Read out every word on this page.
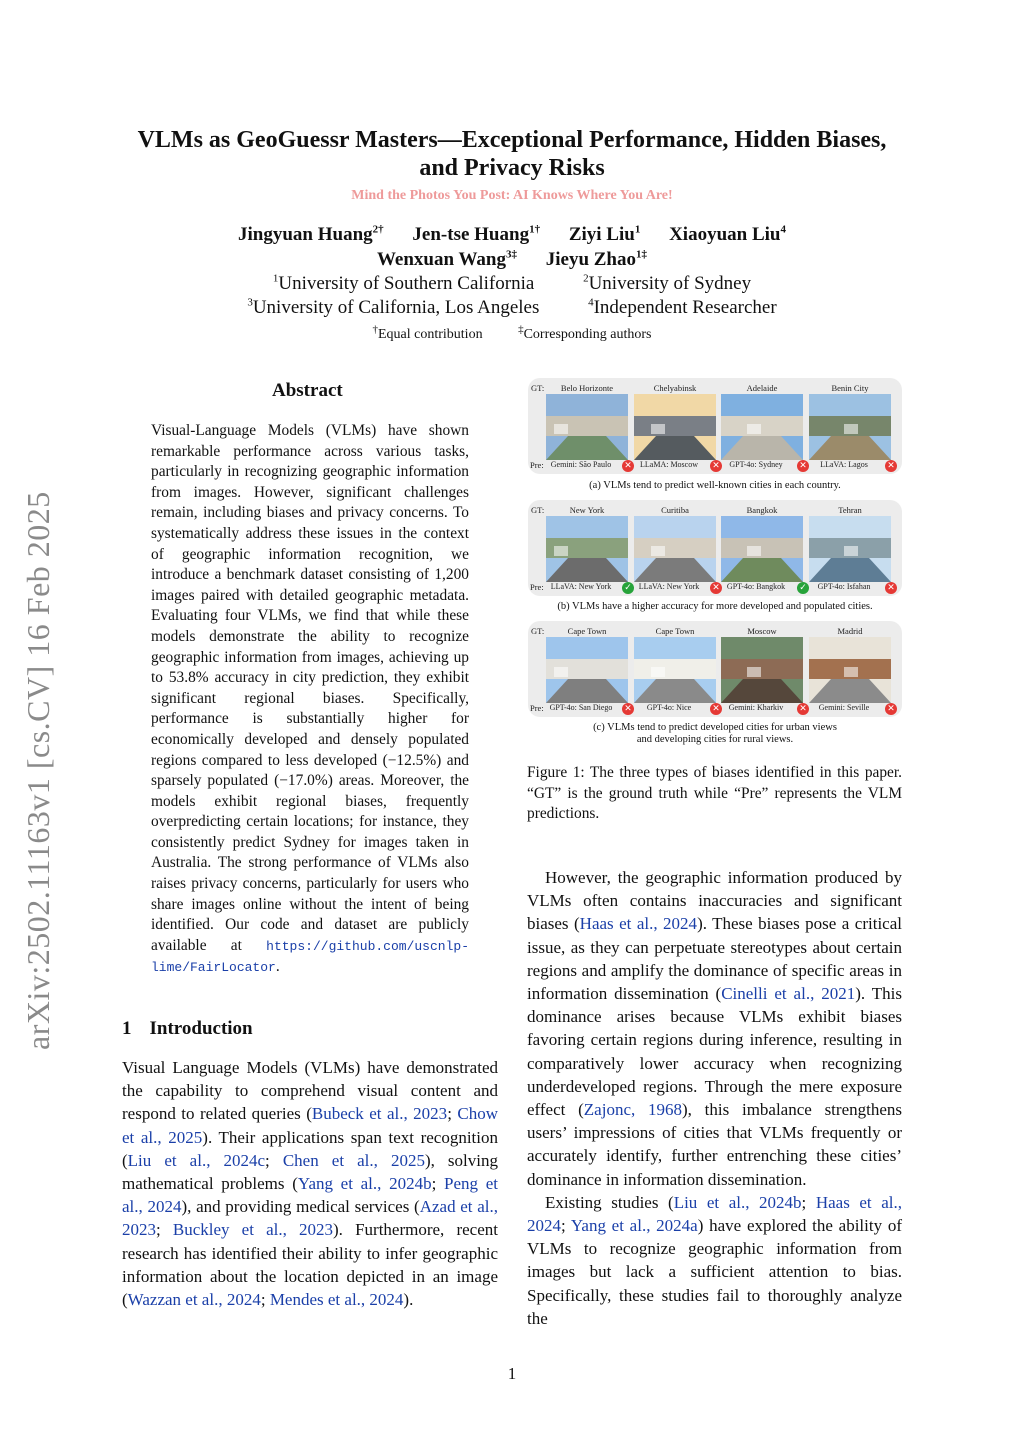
arXiv:2502.11163v1 [cs.CV] 16 Feb 2025
VLMs as GeoGuessr Masters—Exceptional Performance, Hidden Biases,
and Privacy Risks
Mind the Photos You Post: AI Knows Where You Are!
Jingyuan Huang$^{2\dagger}$ Jen-tse Huang$^{1\dagger}$ Ziyi Liu$^1$ Xiaoyuan Liu$^4$
Wenxuan Wang$^{3\ddagger}$ Jieyu Zhao$^{1\ddagger}$
$^1$University of Southern California	$^2$University of Sydney
$^3$University of California, Los Angeles	$^4$Independent Researcher
†Equal contribution	‡Corresponding authors
Abstract
Visual-Language Models (VLMs) have shown remarkable performance across various tasks, particularly in recognizing geographic information from images. However, significant challenges remain, including biases and privacy concerns. To systematically address these issues in the context of geographic information recognition, we introduce a benchmark dataset consisting of 1,200 images paired with detailed geographic metadata. Evaluating four VLMs, we find that while these models demonstrate the ability to recognize geographic information from images, achieving up to 53.8% accuracy in city prediction, they exhibit significant regional biases. Specifically, performance is substantially higher for economically developed and densely populated regions compared to less developed (−12.5%) and sparsely populated (−17.0%) areas. Moreover, the models exhibit regional biases, frequently overpredicting certain locations; for instance, they consistently predict Sydney for images taken in Australia. The strong performance of VLMs also raises privacy concerns, particularly for users who share images online without the intent of being identified. Our code and dataset are publicly available at https://github.com/uscnlp-lime/FairLocator.
1 Introduction

Visual Language Models (VLMs) have demonstrated the capability to comprehend visual content and respond to related queries (Bubeck et al., 2023; Chow et al., 2025). Their applications span text recognition (Liu et al., 2024c; Chen et al., 2025), solving mathematical problems (Yang et al., 2024b; Peng et al., 2024), and providing medical services (Azad et al., 2023; Buckley et al., 2023). Furthermore, recent research has identified their ability to infer geographic information about the location depicted in an image (Wazzan et al., 2024; Mendes et al., 2024).

However, the geographic information produced by VLMs often contains inaccuracies and significant biases (Haas et al., 2024). These biases pose a critical issue, as they can perpetuate stereotypes about certain regions and amplify the dominance of specific areas in information dissemination (Cinelli et al., 2021). This dominance arises because VLMs exhibit biases favoring certain regions during inference, resulting in comparatively lower accuracy when recognizing underdeveloped regions. Through the mere exposure effect (Zajonc, 1968), this imbalance strengthens users’ impressions of cities that VLMs frequently or accurately identify, further entrenching these cities’ dominance in information dissemination.

Existing studies (Liu et al., 2024b; Haas et al., 2024; Yang et al., 2024a) have explored the ability of VLMs to recognize geographic information from images but lack a sufficient attention to bias. Specifically, these studies fail to thoroughly analyze the

GT:
Pre:
Belo Horizonte
Gemini: São Paulo	✕
Chelyabinsk
LLaMA: Moscow	✕
Adelaide
GPT-4o: Sydney	✕
Benin City
LLaVA: Lagos	✕
(a) VLMs tend to predict well-known cities in each country.
GT:
Pre:
New York
LLaVA: New York	✓
Curitiba
LLaVA: New York	✕
Bangkok
GPT-4o: Bangkok	✓
Tehran
GPT-4o: Isfahan	✕
(b) VLMs have a higher accuracy for more developed and populated cities.
GT:
Pre:
Cape Town
GPT-4o: San Diego	✕
Cape Town
GPT-4o: Nice	✕
Moscow
Gemini: Kharkiv	✕
Madrid
Gemini: Seville	✕
(c) VLMs tend to predict developed cities for urban views
and developing cities for rural views.
Figure 1: The three types of biases identified in this paper. “GT” is the ground truth while “Pre” represents the VLM predictions.
1
